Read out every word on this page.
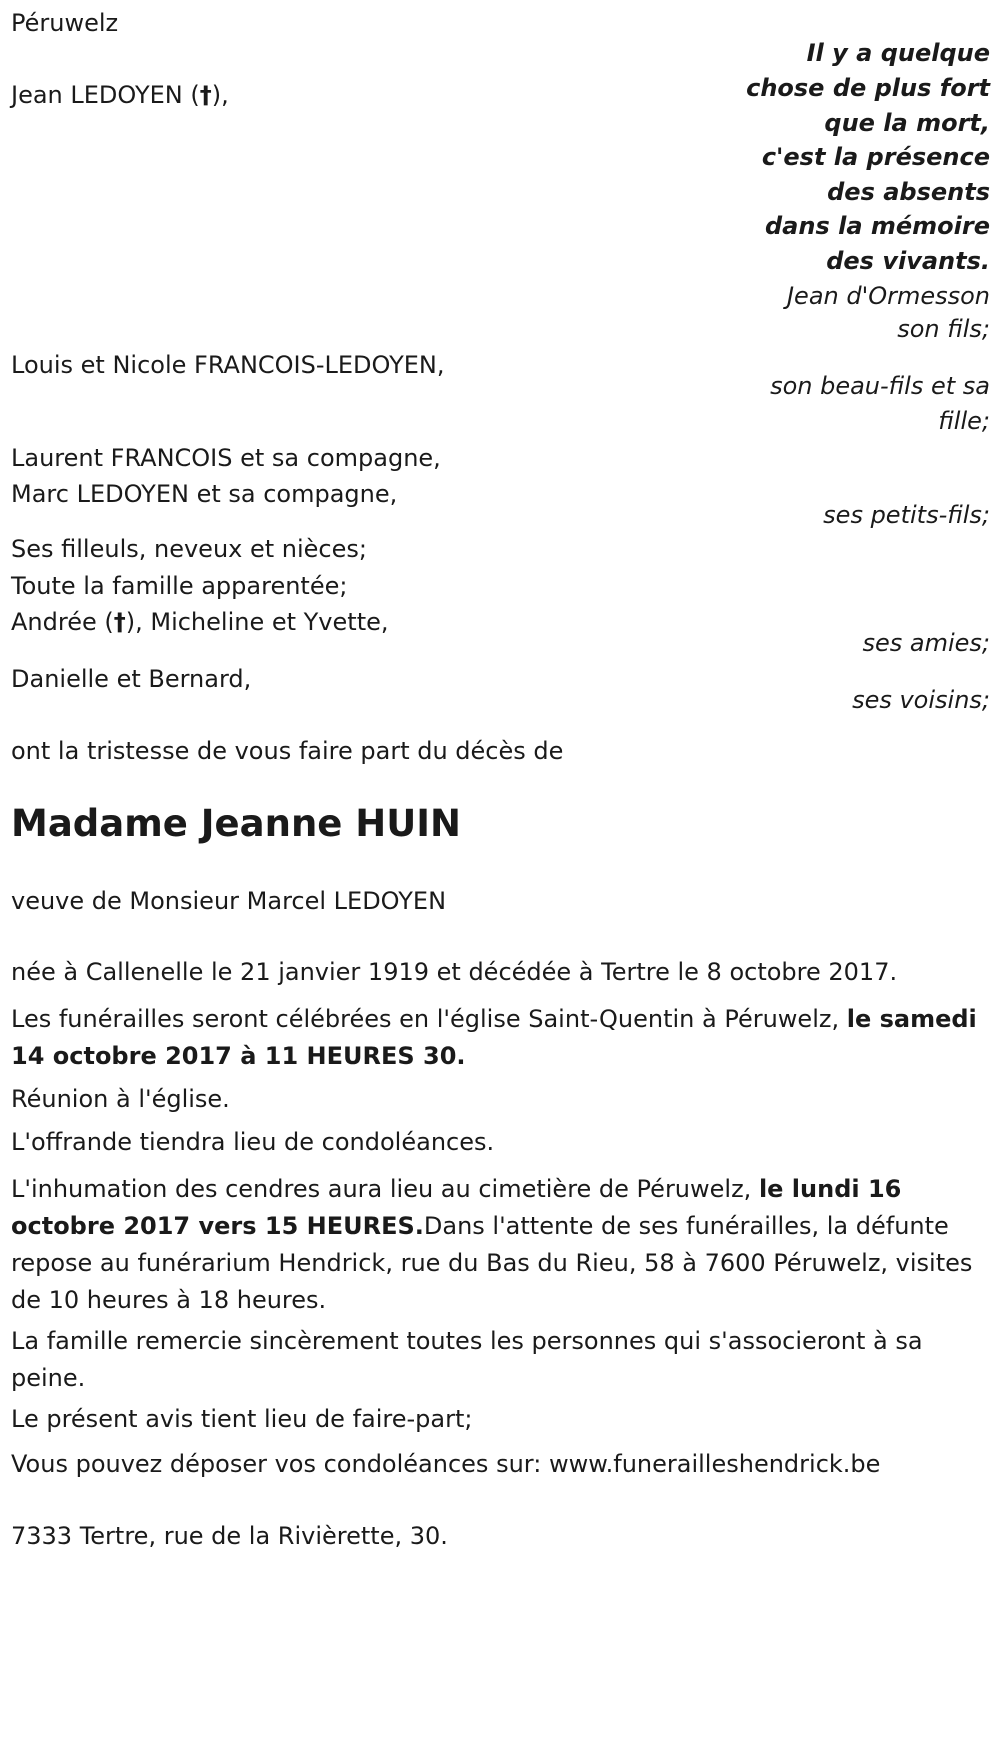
Péruwelz
Il y a quelque
chose de plus fort
que la mort,
c'est la présence
des absents
dans la mémoire
des vivants.
Jean d'Ormesson
Jean LEDOYEN (†),
son fils;
Louis et Nicole FRANCOIS-LEDOYEN,
son beau-fils et sa
fille;
Laurent FRANCOIS et sa compagne,
Marc LEDOYEN et sa compagne,
ses petits-fils;
Ses filleuls, neveux et nièces;
Toute la famille apparentée;
Andrée (†), Micheline et Yvette,
ses amies;
Danielle et Bernard,
ses voisins;
ont la tristesse de vous faire part du décès de
Madame Jeanne HUIN
veuve de Monsieur Marcel LEDOYEN
née à Callenelle le 21 janvier 1919 et décédée à Tertre le 8 octobre 2017.
Les funérailles seront célébrées en l'église Saint-Quentin à Péruwelz, le samedi 14 octobre 2017 à 11 HEURES 30.
Réunion à l'église.
L'offrande tiendra lieu de condoléances.
L'inhumation des cendres aura lieu au cimetière de Péruwelz, le lundi 16 octobre 2017 vers 15 HEURES.Dans l'attente de ses funérailles, la défunte repose au funérarium Hendrick, rue du Bas du Rieu, 58 à 7600 Péruwelz, visites de 10 heures à 18 heures.
La famille remercie sincèrement toutes les personnes qui s'associeront à sa peine.
Le présent avis tient lieu de faire-part;
Vous pouvez déposer vos condoléances sur: www.funerailleshendrick.be
7333 Tertre, rue de la Rivièrette, 30.
